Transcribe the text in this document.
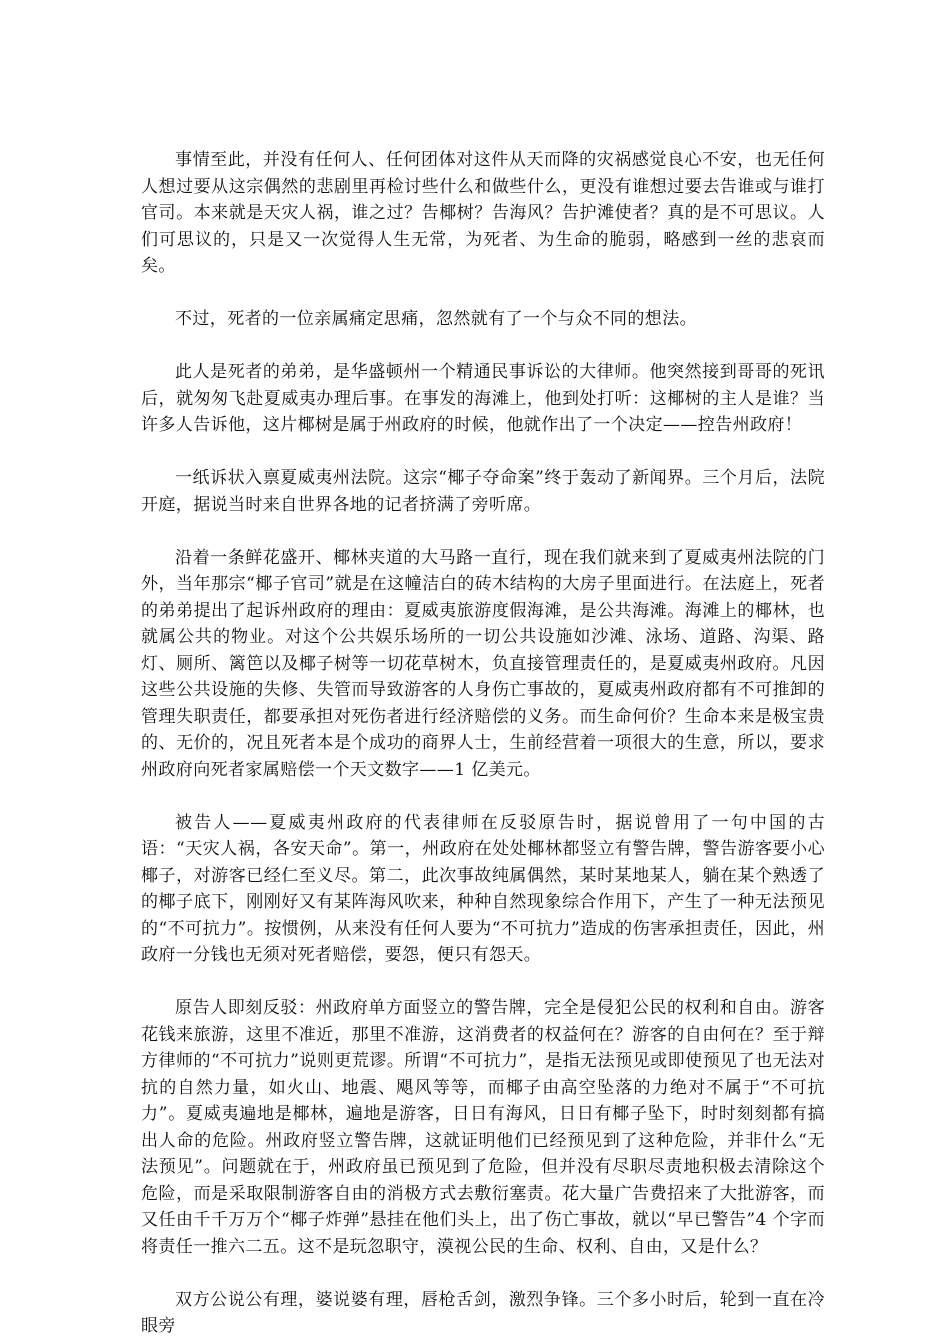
事情至此，并没有任何人、任何团体对这件从天而降的灾祸感觉良心不安，也无任何人想过要从这宗偶然的悲剧里再检讨些什么和做些什么，更没有谁想过要去告谁或与谁打官司。本来就是天灾人祸，谁之过？告椰树？告海风？告护滩使者？真的是不可思议。人们可思议的，只是又一次觉得人生无常，为死者、为生命的脆弱，略感到一丝的悲哀而矣。

不过，死者的一位亲属痛定思痛，忽然就有了一个与众不同的想法。

此人是死者的弟弟，是华盛顿州一个精通民事诉讼的大律师。他突然接到哥哥的死讯后，就匆匆飞赴夏威夷办理后事。在事发的海滩上，他到处打听：这椰树的主人是谁？当许多人告诉他，这片椰树是属于州政府的时候，他就作出了一个决定——控告州政府！

一纸诉状入禀夏威夷州法院。这宗“椰子夺命案”终于轰动了新闻界。三个月后，法院开庭，据说当时来自世界各地的记者挤满了旁听席。

沿着一条鲜花盛开、椰林夹道的大马路一直行，现在我们就来到了夏威夷州法院的门外，当年那宗“椰子官司”就是在这幢洁白的砖木结构的大房子里面进行。在法庭上，死者的弟弟提出了起诉州政府的理由：夏威夷旅游度假海滩，是公共海滩。海滩上的椰林，也就属公共的物业。对这个公共娱乐场所的一切公共设施如沙滩、泳场、道路、沟渠、路灯、厕所、篱笆以及椰子树等一切花草树木，负直接管理责任的，是夏威夷州政府。凡因这些公共设施的失修、失管而导致游客的人身伤亡事故的，夏威夷州政府都有不可推卸的管理失职责任，都要承担对死伤者进行经济赔偿的义务。而生命何价？生命本来是极宝贵的、无价的，况且死者本是个成功的商界人士，生前经营着一项很大的生意，所以，要求州政府向死者家属赔偿一个天文数字——1 亿美元。

被告人——夏威夷州政府的代表律师在反驳原告时，据说曾用了一句中国的古语：“天灾人祸，各安天命”。第一，州政府在处处椰林都竖立有警告牌，警告游客要小心椰子，对游客已经仁至义尽。第二，此次事故纯属偶然，某时某地某人，躺在某个熟透了的椰子底下，刚刚好又有某阵海风吹来，种种自然现象综合作用下，产生了一种无法预见的“不可抗力”。按惯例，从来没有任何人要为“不可抗力”造成的伤害承担责任，因此，州政府一分钱也无须对死者赔偿，要怨，便只有怨天。

原告人即刻反驳：州政府单方面竖立的警告牌，完全是侵犯公民的权利和自由。游客花钱来旅游，这里不准近，那里不准游，这消费者的权益何在？游客的自由何在？至于辩方律师的“不可抗力”说则更荒谬。所谓“不可抗力”，是指无法预见或即使预见了也无法对抗的自然力量，如火山、地震、飓风等等，而椰子由高空坠落的力绝对不属于“不可抗力”。夏威夷遍地是椰林，遍地是游客，日日有海风，日日有椰子坠下，时时刻刻都有搞出人命的危险。州政府竖立警告牌，这就证明他们已经预见到了这种危险，并非什么“无法预见”。问题就在于，州政府虽已预见到了危险，但并没有尽职尽责地积极去清除这个危险，而是采取限制游客自由的消极方式去敷衍塞责。花大量广告费招来了大批游客，而又任由千千万万个“椰子炸弹”悬挂在他们头上，出了伤亡事故，就以“早已警告”4 个字而将责任一推六二五。这不是玩忽职守，漠视公民的生命、权利、自由，又是什么？

双方公说公有理，婆说婆有理，唇枪舌剑，激烈争锋。三个多小时后，轮到一直在冷眼旁
